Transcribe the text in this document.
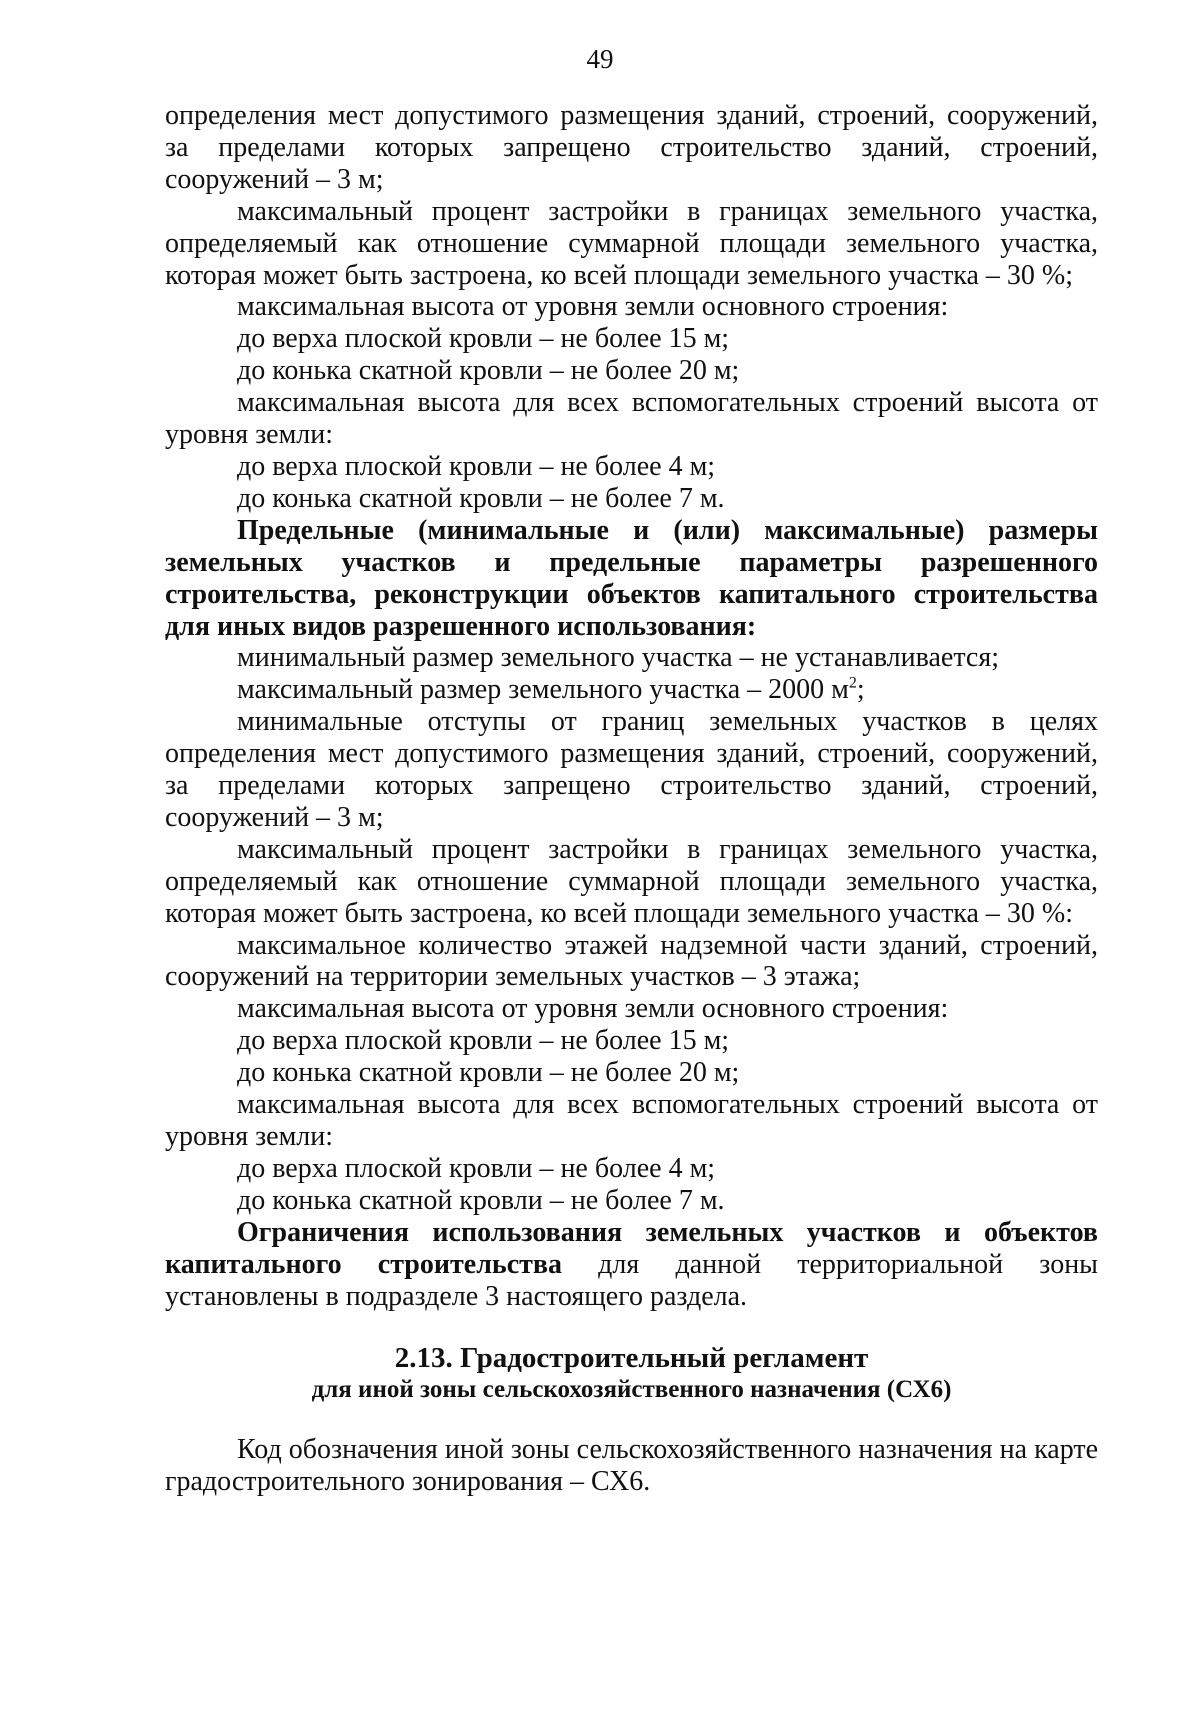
49

определения мест допустимого размещения зданий, строений, сооружений, за пределами которых запрещено строительство зданий, строений, сооружений – 3 м;

максимальный процент застройки в границах земельного участка, определяемый как отношение суммарной площади земельного участка, которая может быть застроена, ко всей площади земельного участка – 30 %;

максимальная высота от уровня земли основного строения:

до верха плоской кровли – не более 15 м;

до конька скатной кровли – не более 20 м;

максимальная высота для всех вспомогательных строений высота от уровня земли:

до верха плоской кровли – не более 4 м;

до конька скатной кровли – не более 7 м.

Предельные (минимальные и (или) максимальные) размеры земельных участков и предельные параметры разрешенного строительства, реконструкции объектов капитального строительства для иных видов разрешенного использования:

минимальный размер земельного участка – не устанавливается;

максимальный размер земельного участка – 2000 $м^2$;

минимальные отступы от границ земельных участков в целях определения мест допустимого размещения зданий, строений, сооружений, за пределами которых запрещено строительство зданий, строений, сооружений – 3 м;

максимальный процент застройки в границах земельного участка, определяемый как отношение суммарной площади земельного участка, которая может быть застроена, ко всей площади земельного участка – 30 %:

максимальное количество этажей надземной части зданий, строений, сооружений на территории земельных участков – 3 этажа;

максимальная высота от уровня земли основного строения:

до верха плоской кровли – не более 15 м;

до конька скатной кровли – не более 20 м;

максимальная высота для всех вспомогательных строений высота от уровня земли:

до верха плоской кровли – не более 4 м;

до конька скатной кровли – не более 7 м.

Ограничения использования земельных участков и объектов капитального строительства для данной территориальной зоны установлены в подразделе 3 настоящего раздела.

2.13. Градостроительный регламент

для иной зоны сельскохозяйственного назначения (СХ6)

Код обозначения иной зоны сельскохозяйственного назначения на карте градостроительного зонирования – СХ6.
